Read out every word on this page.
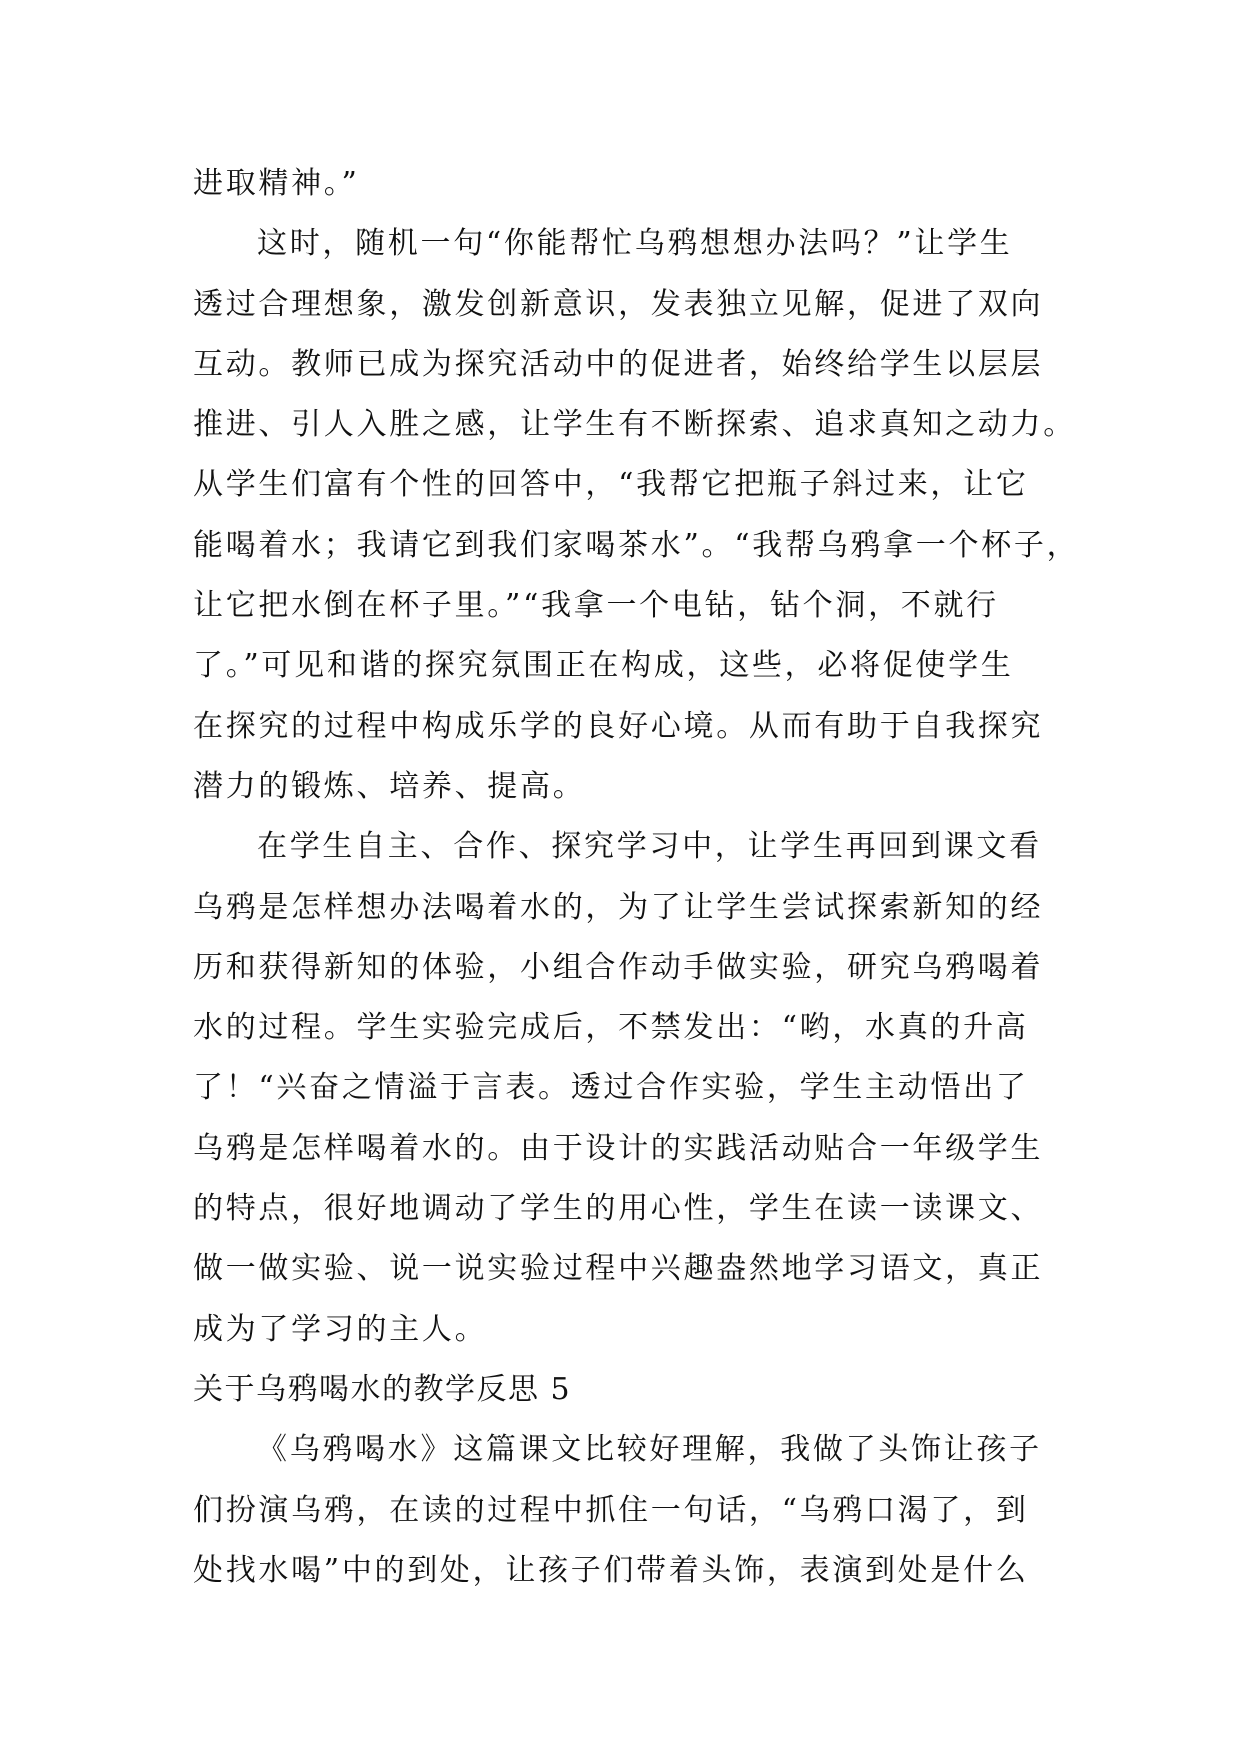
进取精神。”
这时，随机一句“你能帮忙乌鸦想想办法吗？”让学生
透过合理想象，激发创新意识，发表独立见解，促进了双向
互动。教师已成为探究活动中的促进者，始终给学生以层层
推进、引人入胜之感，让学生有不断探索、追求真知之动力。
从学生们富有个性的回答中，“我帮它把瓶子斜过来，让它
能喝着水；我请它到我们家喝茶水”。“我帮乌鸦拿一个杯子，
让它把水倒在杯子里。”“我拿一个电钻，钻个洞，不就行
了。”可见和谐的探究氛围正在构成，这些，必将促使学生
在探究的过程中构成乐学的良好心境。从而有助于自我探究
潜力的锻炼、培养、提高。
在学生自主、合作、探究学习中，让学生再回到课文看
乌鸦是怎样想办法喝着水的，为了让学生尝试探索新知的经
历和获得新知的体验，小组合作动手做实验，研究乌鸦喝着
水的过程。学生实验完成后，不禁发出：“哟，水真的升高
了！“兴奋之情溢于言表。透过合作实验，学生主动悟出了
乌鸦是怎样喝着水的。由于设计的实践活动贴合一年级学生
的特点，很好地调动了学生的用心性，学生在读一读课文、
做一做实验、说一说实验过程中兴趣盎然地学习语文，真正
成为了学习的主人。
关于乌鸦喝水的教学反思 5
《乌鸦喝水》这篇课文比较好理解，我做了头饰让孩子
们扮演乌鸦，在读的过程中抓住一句话，“乌鸦口渴了，到
处找水喝”中的到处，让孩子们带着头饰，表演到处是什么
